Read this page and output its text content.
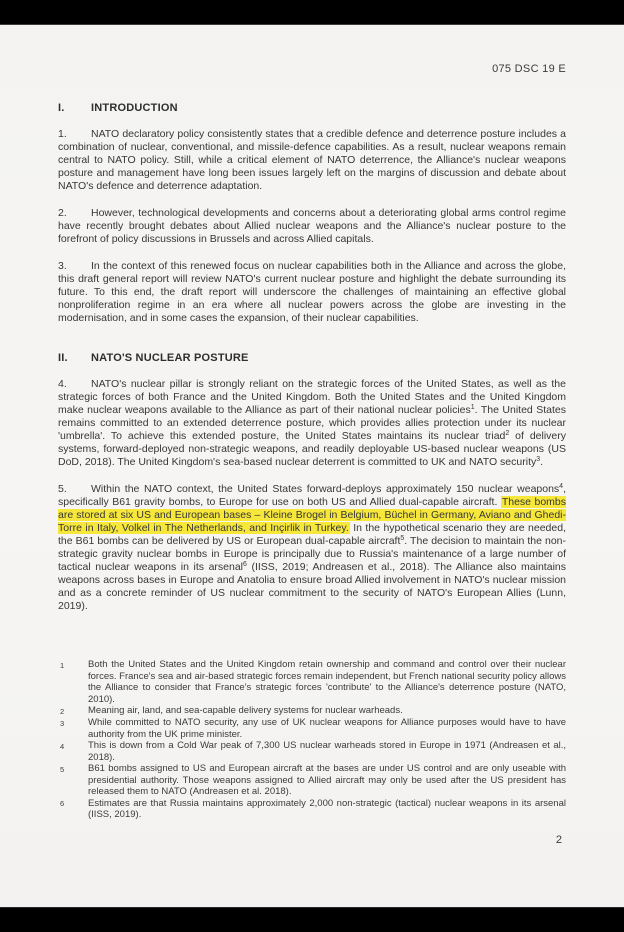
075 DSC 19 E
I. INTRODUCTION

1. NATO declaratory policy consistently states that a credible defence and deterrence posture includes a combination of nuclear, conventional, and missile-defence capabilities. As a result, nuclear weapons remain central to NATO policy. Still, while a critical element of NATO deterrence, the Alliance's nuclear weapons posture and management have long been issues largely left on the margins of discussion and debate about NATO's defence and deterrence adaptation.

2. However, technological developments and concerns about a deteriorating global arms control regime have recently brought debates about Allied nuclear weapons and the Alliance's nuclear posture to the forefront of policy discussions in Brussels and across Allied capitals.

3. In the context of this renewed focus on nuclear capabilities both in the Alliance and across the globe, this draft general report will review NATO's current nuclear posture and highlight the debate surrounding its future. To this end, the draft report will underscore the challenges of maintaining an effective global nonproliferation regime in an era where all nuclear powers across the globe are investing in the modernisation, and in some cases the expansion, of their nuclear capabilities.

II. NATO'S NUCLEAR POSTURE

4. NATO's nuclear pillar is strongly reliant on the strategic forces of the United States, as well as the strategic forces of both France and the United Kingdom. Both the United States and the United Kingdom make nuclear weapons available to the Alliance as part of their national nuclear policies$^1$. The United States remains committed to an extended deterrence posture, which provides allies protection under its nuclear 'umbrella'. To achieve this extended posture, the United States maintains its nuclear triad$^2$ of delivery systems, forward-deployed non-strategic weapons, and readily deployable US-based nuclear weapons (US DoD, 2018). The United Kingdom's sea-based nuclear deterrent is committed to UK and NATO security$^3$.

5. Within the NATO context, the United States forward-deploys approximately 150 nuclear weapons$^4$, specifically B61 gravity bombs, to Europe for use on both US and Allied dual-capable aircraft. These bombs are stored at six US and European bases – Kleine Brogel in Belgium, Büchel in Germany, Aviano and Ghedi-Torre in Italy, Volkel in The Netherlands, and Inçirlik in Turkey. In the hypothetical scenario they are needed, the B61 bombs can be delivered by US or European dual-capable aircraft$^5$. The decision to maintain the non-strategic gravity nuclear bombs in Europe is principally due to Russia's maintenance of a large number of tactical nuclear weapons in its arsenal$^6$ (IISS, 2019; Andreasen et al., 2018). The Alliance also maintains weapons across bases in Europe and Anatolia to ensure broad Allied involvement in NATO's nuclear mission and as a concrete reminder of US nuclear commitment to the security of NATO's European Allies (Lunn, 2019).

1	Both the United States and the United Kingdom retain ownership and command and control over their nuclear forces. France's sea and air-based strategic forces remain independent, but French national security policy allows the Alliance to consider that France's strategic forces 'contribute' to the Alliance's deterrence posture (NATO, 2010).
2	Meaning air, land, and sea-capable delivery systems for nuclear warheads.
3	While committed to NATO security, any use of UK nuclear weapons for Alliance purposes would have to have authority from the UK prime minister.
4	This is down from a Cold War peak of 7,300 US nuclear warheads stored in Europe in 1971 (Andreasen et al., 2018).
5	B61 bombs assigned to US and European aircraft at the bases are under US control and are only useable with presidential authority. Those weapons assigned to Allied aircraft may only be used after the US president has released them to NATO (Andreasen et al. 2018).
6	Estimates are that Russia maintains approximately 2,000 non-strategic (tactical) nuclear weapons in its arsenal (IISS, 2019).
2
